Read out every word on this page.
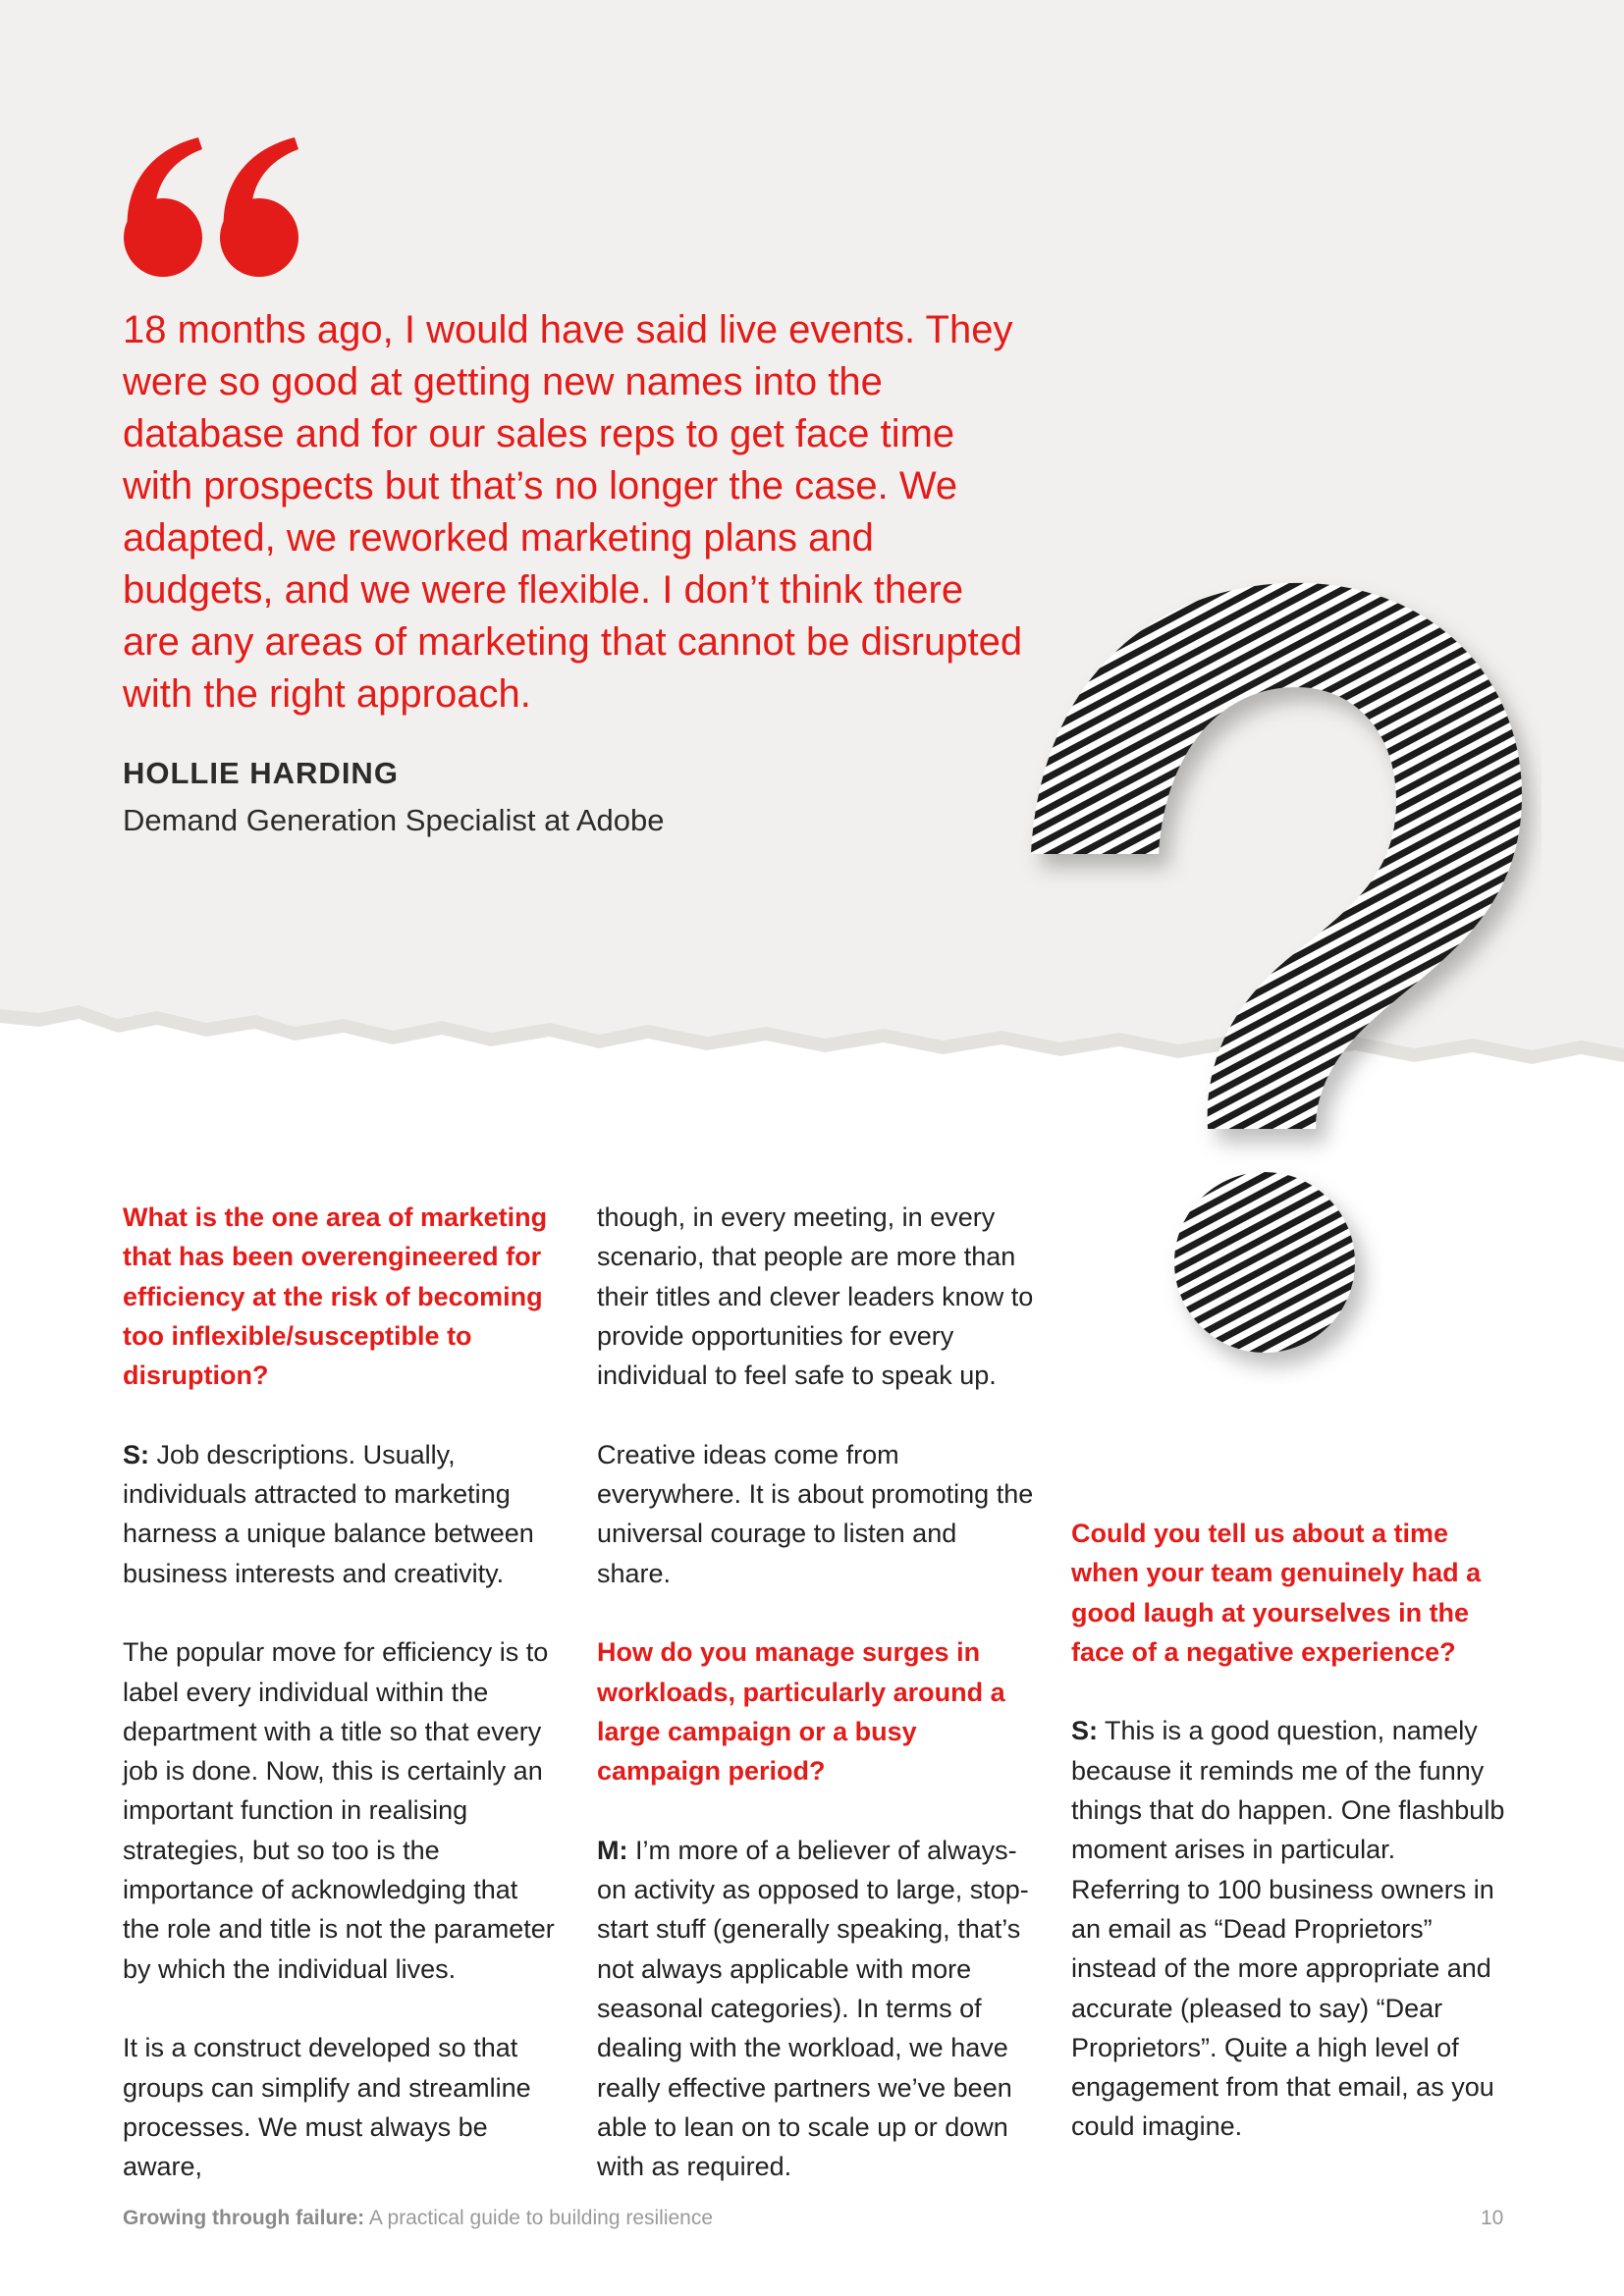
18 months ago, I would have said live events. They were so good at getting new names into the database and for our sales reps to get face time with prospects but that’s no longer the case. We adapted, we reworked marketing plans and budgets, and we were flexible. I don’t think there are any areas of marketing that cannot be disrupted with the right approach.

HOLLIE HARDING

Demand Generation Specialist at Adobe

What is the one area of marketing that has been overengineered for efficiency at the risk of becoming too inflexible/susceptible to disruption?

S: Job descriptions. Usually, individuals attracted to marketing harness a unique balance between business interests and creativity.

The popular move for efficiency is to label every individual within the department with a title so that every job is done. Now, this is certainly an important function in realising strategies, but so too is the importance of acknowledging that the role and title is not the parameter by which the individual lives.

It is a construct developed so that groups can simplify and streamline processes. We must always be aware,

though, in every meeting, in every scenario, that people are more than their titles and clever leaders know to provide opportunities for every individual to feel safe to speak up.

Creative ideas come from everywhere. It is about promoting the universal courage to listen and share.

How do you manage surges in workloads, particularly around a large campaign or a busy campaign period?

M: I’m more of a believer of always-on activity as opposed to large, stop-start stuff (generally speaking, that’s not always applicable with more seasonal categories). In terms of dealing with the workload, we have really effective partners we’ve been able to lean on to scale up or down with as required.

Could you tell us about a time when your team genuinely had a good laugh at yourselves in the face of a negative experience?

S: This is a good question, namely because it reminds me of the funny things that do happen. One flashbulb moment arises in particular. Referring to 100 business owners in an email as “Dead Proprietors” instead of the more appropriate and accurate (pleased to say) “Dear Proprietors”. Quite a high level of engagement from that email, as you could imagine.

Growing through failure: A practical guide to building resilience	10
